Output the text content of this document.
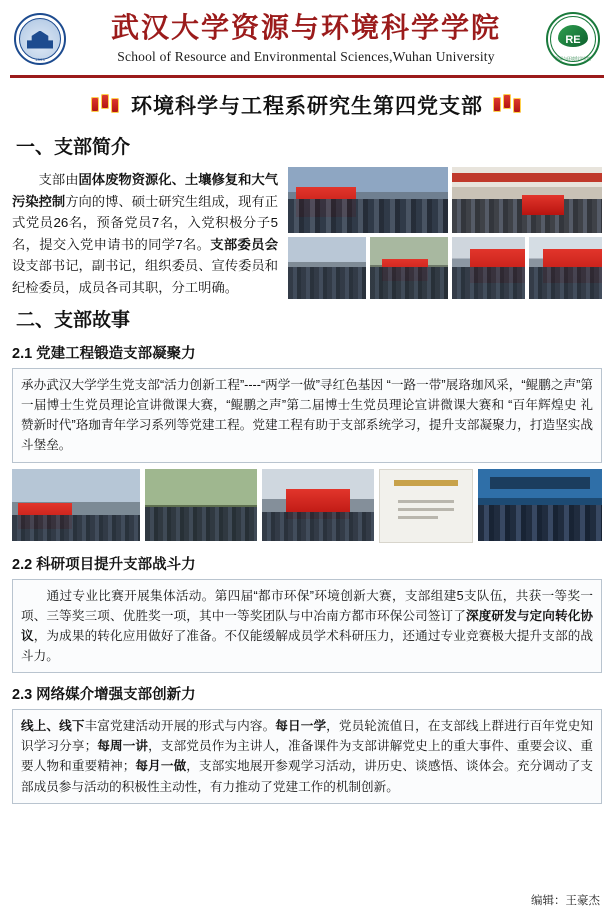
1893
武汉大学资源与环境科学学院
School of Resource and Environmental Sciences,Wuhan University
RE
资源与环境科学学院
环境科学与工程系研究生第四党支部
一、支部简介
支部由固体废物资源化、土壤修复和大气污染控制方向的博、硕士研究生组成，现有正式党员26名，预备党员7名，入党积极分子5名，提交入党申请书的同学7名。支部委员会设支部书记，副书记，组织委员、宣传委员和纪检委员，成员各司其职，分工明确。
二、支部故事
2.1 党建工程锻造支部凝聚力
承办武汉大学学生党支部“活力创新工程”----“两学一做”寻红色基因 “一路一带”展珞珈风采，“鲲鹏之声”第一届博士生党员理论宣讲微课大赛，“鲲鹏之声”第二届博士生党员理论宣讲微课大赛和 “百年辉煌史 礼赞新时代”珞珈青年学习系列等党建工程。党建工程有助于支部系统学习，提升支部凝聚力，打造坚实战斗堡垒。
2.2 科研项目提升支部战斗力
通过专业比赛开展集体活动。第四届“都市环保”环境创新大赛，支部组建5支队伍，共获一等奖一项、三等奖三项、优胜奖一项，其中一等奖团队与中冶南方都市环保公司签订了深度研发与定向转化协议，为成果的转化应用做好了准备。不仅能缓解成员学术科研压力，还通过专业竞赛极大提升支部的战斗力。
2.3 网络媒介增强支部创新力
线上、线下丰富党建活动开展的形式与内容。每日一学，党员轮流值日，在支部线上群进行百年党史知识学习分享；每周一讲，支部党员作为主讲人，准备课件为支部讲解党史上的重大事件、重要会议、重要人物和重要精神；每月一做，支部实地展开参观学习活动，讲历史、谈感悟、谈体会。充分调动了支部成员参与活动的积极性主动性，有力推动了党建工作的机制创新。
编辑：王豪杰
